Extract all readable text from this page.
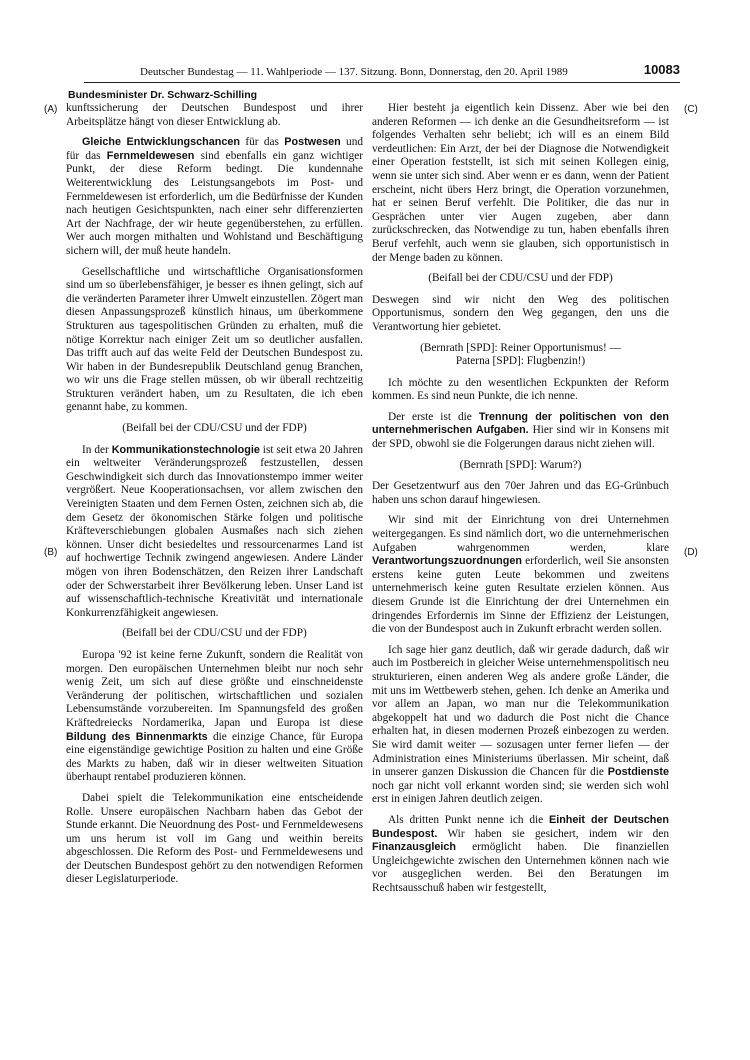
Deutscher Bundestag — 11. Wahlperiode — 137. Sitzung. Bonn, Donnerstag, den 20. April 1989	10083
Bundesminister Dr. Schwarz-Schilling
(A)
(B)
(C)
(D)

kunftssicherung der Deutschen Bundespost und ihrer Arbeitsplätze hängt von dieser Entwicklung ab.

Gleiche Entwicklungschancen für das Postwesen und für das Fernmeldewesen sind ebenfalls ein ganz wichtiger Punkt, der diese Reform bedingt. Die kundennahe Weiterentwicklung des Leistungsangebots im Post- und Fernmeldewesen ist erforderlich, um die Bedürfnisse der Kunden nach heutigen Gesichtspunkten, nach einer sehr differenzierten Art der Nachfrage, der wir heute gegenüberstehen, zu erfüllen. Wer auch morgen mithalten und Wohlstand und Beschäftigung sichern will, der muß heute handeln.

Gesellschaftliche und wirtschaftliche Organisationsformen sind um so überlebensfähiger, je besser es ihnen gelingt, sich auf die veränderten Parameter ihrer Umwelt einzustellen. Zögert man diesen Anpassungsprozeß künstlich hinaus, um überkommene Strukturen aus tagespolitischen Gründen zu erhalten, muß die nötige Korrektur nach einiger Zeit um so deutlicher ausfallen. Das trifft auch auf das weite Feld der Deutschen Bundespost zu. Wir haben in der Bundesrepublik Deutschland genug Branchen, wo wir uns die Frage stellen müssen, ob wir überall rechtzeitig Strukturen verändert haben, um zu Resultaten, die ich eben genannt habe, zu kommen.

(Beifall bei der CDU/CSU und der FDP)

In der Kommunikationstechnologie ist seit etwa 20 Jahren ein weltweiter Veränderungsprozeß festzustellen, dessen Geschwindigkeit sich durch das Innovationstempo immer weiter vergrößert. Neue Kooperationsachsen, vor allem zwischen den Vereinigten Staaten und dem Fernen Osten, zeichnen sich ab, die dem Gesetz der ökonomischen Stärke folgen und politische Kräfteverschiebungen globalen Ausmaßes nach sich ziehen können. Unser dicht besiedeltes und ressourcenarmes Land ist auf hochwertige Technik zwingend angewiesen. Andere Länder mögen von ihren Bodenschätzen, den Reizen ihrer Landschaft oder der Schwerstarbeit ihrer Bevölkerung leben. Unser Land ist auf wissenschaftlich-technische Kreativität und internationale Konkurrenzfähigkeit angewiesen.

(Beifall bei der CDU/CSU und der FDP)

Europa '92 ist keine ferne Zukunft, sondern die Realität von morgen. Den europäischen Unternehmen bleibt nur noch sehr wenig Zeit, um sich auf diese größte und einschneidenste Veränderung der politischen, wirtschaftlichen und sozialen Lebensumstände vorzubereiten. Im Spannungsfeld des großen Kräftedreiecks Nordamerika, Japan und Europa ist diese Bildung des Binnenmarkts die einzige Chance, für Europa eine eigenständige gewichtige Position zu halten und eine Größe des Markts zu haben, daß wir in dieser weltweiten Situation überhaupt rentabel produzieren können.

Dabei spielt die Telekommunikation eine entscheidende Rolle. Unsere europäischen Nachbarn haben das Gebot der Stunde erkannt. Die Neuordnung des Post- und Fernmeldewesens um uns herum ist voll im Gang und weithin bereits abgeschlossen. Die Reform des Post- und Fernmeldewesens und der Deutschen Bundespost gehört zu den notwendigen Reformen dieser Legislaturperiode.

Hier besteht ja eigentlich kein Dissenz. Aber wie bei den anderen Reformen — ich denke an die Gesundheitsreform — ist folgendes Verhalten sehr beliebt; ich will es an einem Bild verdeutlichen: Ein Arzt, der bei der Diagnose die Notwendigkeit einer Operation feststellt, ist sich mit seinen Kollegen einig, wenn sie unter sich sind. Aber wenn er es dann, wenn der Patient erscheint, nicht übers Herz bringt, die Operation vorzunehmen, hat er seinen Beruf verfehlt. Die Politiker, die das nur in Gesprächen unter vier Augen zugeben, aber dann zurückschrecken, das Notwendige zu tun, haben ebenfalls ihren Beruf verfehlt, auch wenn sie glauben, sich opportunistisch in der Menge baden zu können.

(Beifall bei der CDU/CSU und der FDP)

Deswegen sind wir nicht den Weg des politischen Opportunismus, sondern den Weg gegangen, den uns die Verantwortung hier gebietet.

(Bernrath [SPD]: Reiner Opportunismus! —
Paterna [SPD]: Flugbenzin!)

Ich möchte zu den wesentlichen Eckpunkten der Reform kommen. Es sind neun Punkte, die ich nenne.

Der erste ist die Trennung der politischen von den unternehmerischen Aufgaben. Hier sind wir in Konsens mit der SPD, obwohl sie die Folgerungen daraus nicht ziehen will.

(Bernrath [SPD]: Warum?)

Der Gesetzentwurf aus den 70er Jahren und das EG-Grünbuch haben uns schon darauf hingewiesen.

Wir sind mit der Einrichtung von drei Unternehmen weitergegangen. Es sind nämlich dort, wo die unternehmerischen Aufgaben wahrgenommen werden, klare Verantwortungszuordnungen erforderlich, weil Sie ansonsten erstens keine guten Leute bekommen und zweitens unternehmerisch keine guten Resultate erzielen können. Aus diesem Grunde ist die Einrichtung der drei Unternehmen ein dringendes Erfordernis im Sinne der Effizienz der Leistungen, die von der Bundespost auch in Zukunft erbracht werden sollen.

Ich sage hier ganz deutlich, daß wir gerade dadurch, daß wir auch im Postbereich in gleicher Weise unternehmenspolitisch neu strukturieren, einen anderen Weg als andere große Länder, die mit uns im Wettbewerb stehen, gehen. Ich denke an Amerika und vor allem an Japan, wo man nur die Telekommunikation abgekoppelt hat und wo dadurch die Post nicht die Chance erhalten hat, in diesen modernen Prozeß einbezogen zu werden. Sie wird damit weiter — sozusagen unter ferner liefen — der Administration eines Ministeriums überlassen. Mir scheint, daß in unserer ganzen Diskussion die Chancen für die Postdienste noch gar nicht voll erkannt worden sind; sie werden sich wohl erst in einigen Jahren deutlich zeigen.

Als dritten Punkt nenne ich die Einheit der Deutschen Bundespost. Wir haben sie gesichert, indem wir den Finanzausgleich ermöglicht haben. Die finanziellen Ungleichgewichte zwischen den Unternehmen können nach wie vor ausgeglichen werden. Bei den Beratungen im Rechtsausschuß haben wir festgestellt,
